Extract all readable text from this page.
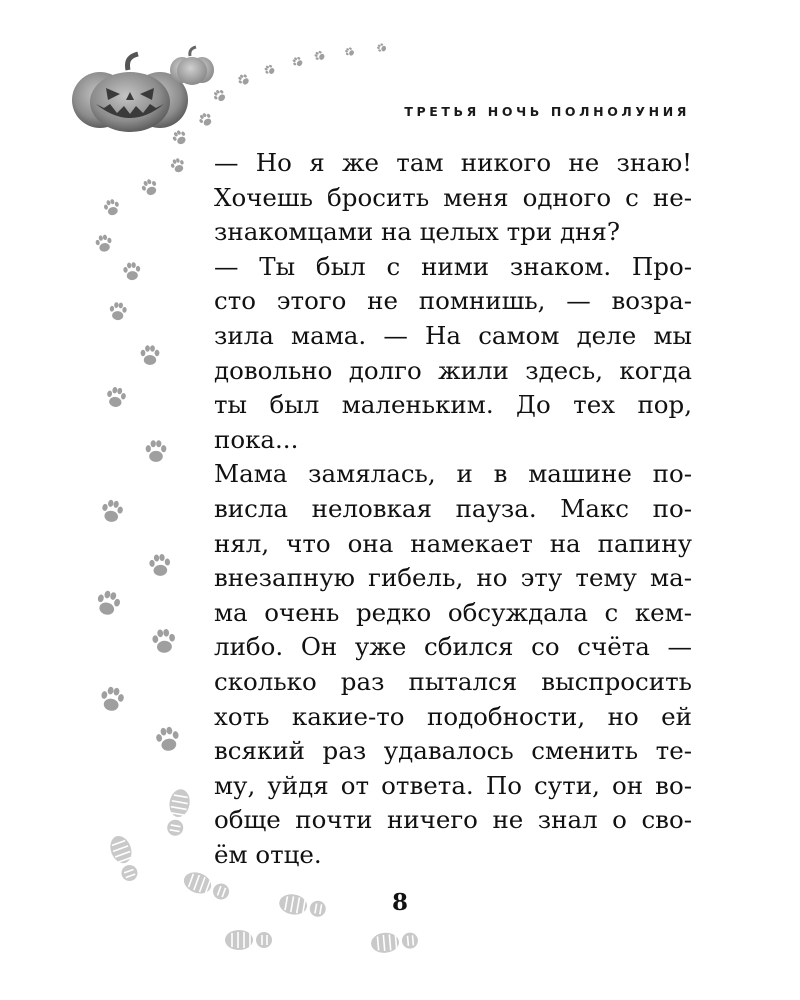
ТРЕТЬЯ НОЧЬ ПОЛНОЛУНИЯ
— Но я же там никого не знаю!
Хочешь бросить меня одного с не-
знакомцами на целых три дня?
— Ты был с ними знаком. Про-
сто этого не помнишь, — возра-
зила мама. — На самом деле мы
довольно долго жили здесь, когда
ты был маленьким. До тех пор,
пока...
Мама замялась, и в машине по-
висла неловкая пауза. Макс по-
нял, что она намекает на папину
внезапную гибель, но эту тему ма-
ма очень редко обсуждала с кем-
либо. Он уже сбился со счёта —
сколько раз пытался выспросить
хоть какие-то подобности, но ей
всякий раз удавалось сменить те-
му, уйдя от ответа. По сути, он во-
обще почти ничего не знал о сво-
ём отце.
8
